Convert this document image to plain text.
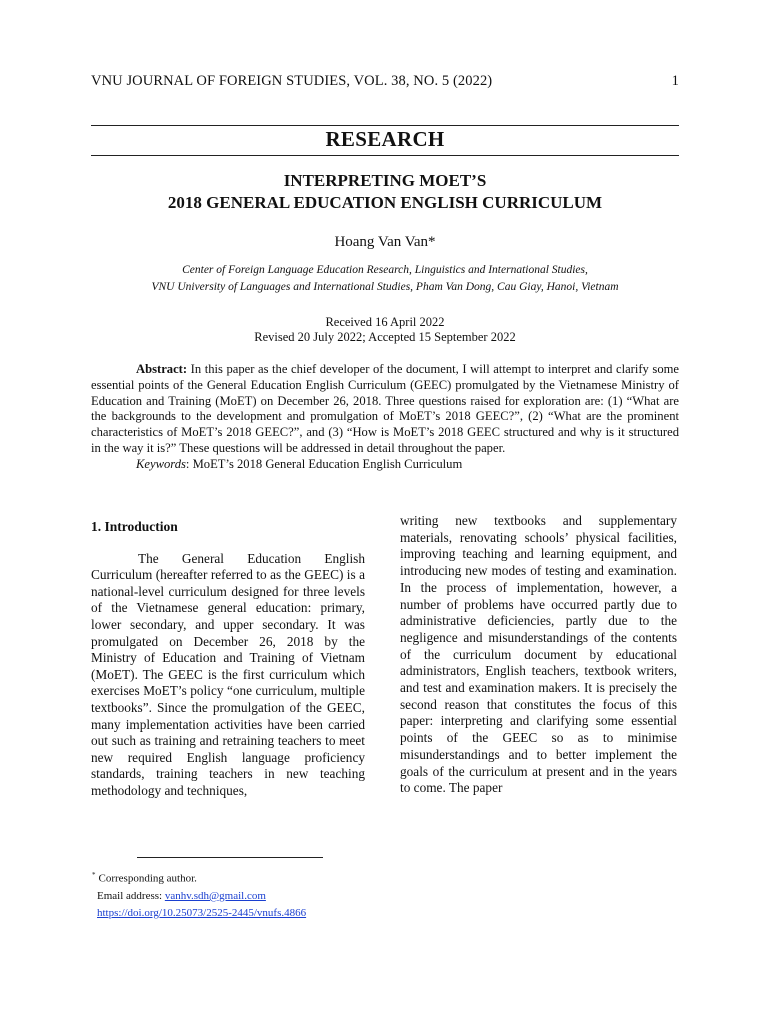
VNU JOURNAL OF FOREIGN STUDIES, VOL. 38, NO. 5 (2022)	1
RESEARCH
INTERPRETING MOET’S
2018 GENERAL EDUCATION ENGLISH CURRICULUM
Hoang Van Van*
Center of Foreign Language Education Research, Linguistics and International Studies,
VNU University of Languages and International Studies, Pham Van Dong, Cau Giay, Hanoi, Vietnam
Received 16 April 2022
Revised 20 July 2022; Accepted 15 September 2022

Abstract: In this paper as the chief developer of the document, I will attempt to interpret and clarify some essential points of the General Education English Curriculum (GEEC) promulgated by the Vietnamese Ministry of Education and Training (MoET) on December 26, 2018. Three questions raised for exploration are: (1) “What are the backgrounds to the development and promulgation of MoET’s 2018 GEEC?”, (2) “What are the prominent characteristics of MoET’s 2018 GEEC?”, and (3) “How is MoET’s 2018 GEEC structured and why is it structured in the way it is?” These questions will be addressed in detail throughout the paper.

Keywords: MoET’s 2018 General Education English Curriculum
1. Introduction

The General Education English Curriculum (hereafter referred to as the GEEC) is a national-level curriculum designed for three levels of the Vietnamese general education: primary, lower secondary, and upper secondary. It was promulgated on December 26, 2018 by the Ministry of Education and Training of Vietnam (MoET). The GEEC is the first curriculum which exercises MoET’s policy “one curriculum, multiple textbooks”. Since the promulgation of the GEEC, many implementation activities have been carried out such as training and retraining teachers to meet new required English language proficiency standards, training teachers in new teaching methodology and techniques,

writing new textbooks and supplementary materials, renovating schools’ physical facilities, improving teaching and learning equipment, and introducing new modes of testing and examination. In the process of implementation, however, a number of problems have occurred partly due to administrative deficiencies, partly due to the negligence and misunderstandings of the contents of the curriculum document by educational administrators, English teachers, textbook writers, and test and examination makers. It is precisely the second reason that constitutes the focus of this paper: interpreting and clarifying some essential points of the GEEC so as to minimise misunderstandings and to better implement the goals of the curriculum at present and in the years to come. The paper

* Corresponding author.
Email address: vanhv.sdh@gmail.com
https://doi.org/10.25073/2525-2445/vnufs.4866
